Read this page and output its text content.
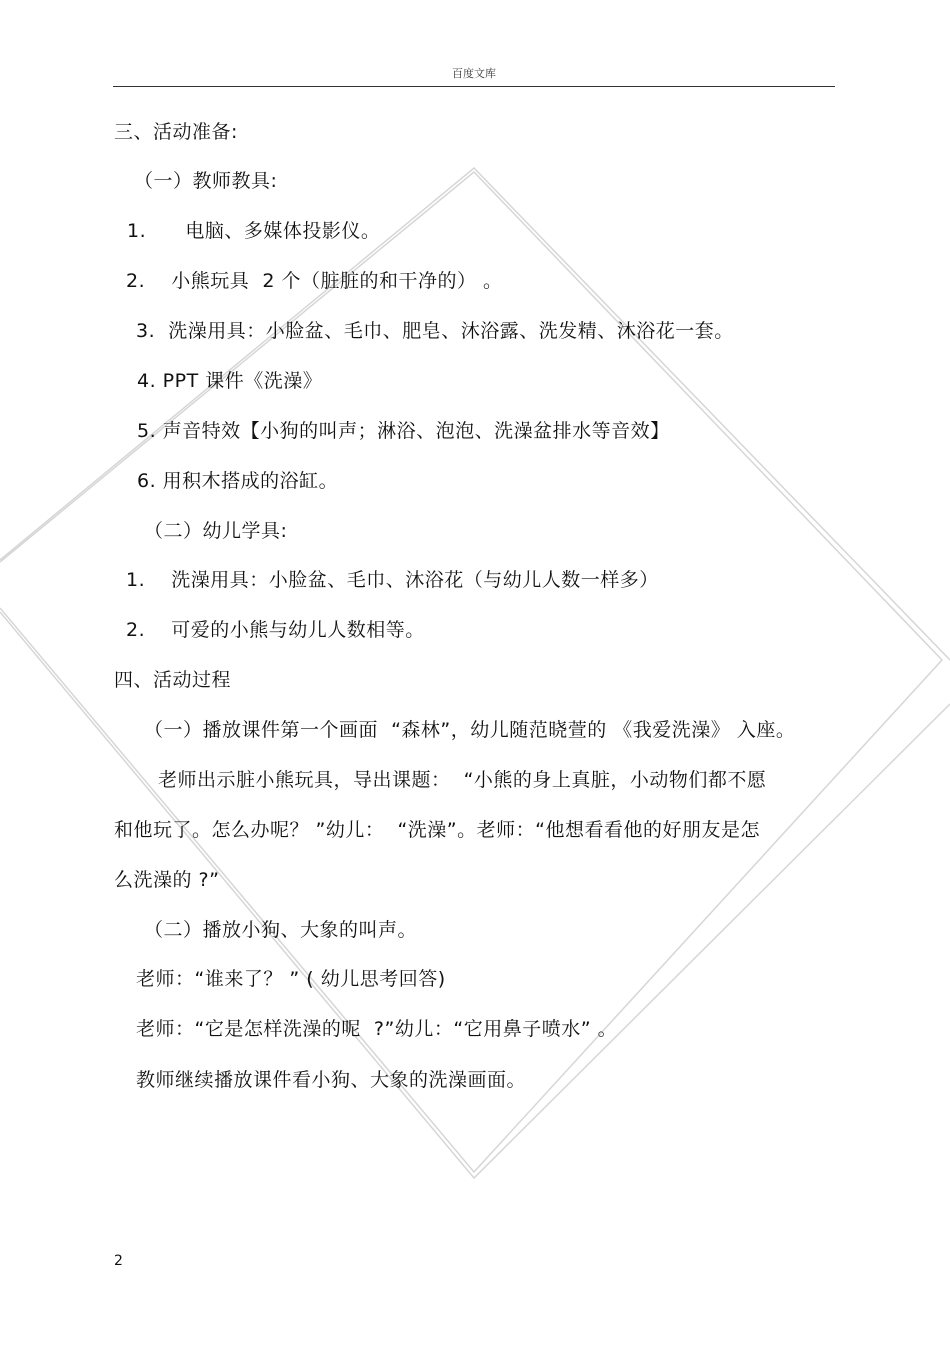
百度文库
三、活动准备:
（一）教师教具:
1.      电脑、多媒体投影仪。
2.    小熊玩具  2 个（脏脏的和干净的） 。
3.  洗澡用具：小脸盆、毛巾、肥皂、沐浴露、洗发精、沐浴花一套。
4. PPT 课件《洗澡》
5. 声音特效【小狗的叫声；淋浴、泡泡、洗澡盆排水等音效】
6. 用积木搭成的浴缸。
（二）幼儿学具:
1.    洗澡用具：小脸盆、毛巾、沐浴花（与幼儿人数一样多）
2.    可爱的小熊与幼儿人数相等。
四、活动过程
（一）播放课件第一个画面  “森林”，幼儿随范晓萱的 《我爱洗澡》 入座。
老师出示脏小熊玩具，导出课题：  “小熊的身上真脏，小动物们都不愿
和他玩了。怎么办呢？ ”幼儿：  “洗澡”。老师：“他想看看他的好朋友是怎
么洗澡的 ?”
（二）播放小狗、大象的叫声。
老师：“谁来了？ ” ( 幼儿思考回答)
老师：“它是怎样洗澡的呢  ?”幼儿：“它用鼻子喷水” 。
教师继续播放课件看小狗、大象的洗澡画面。
2
